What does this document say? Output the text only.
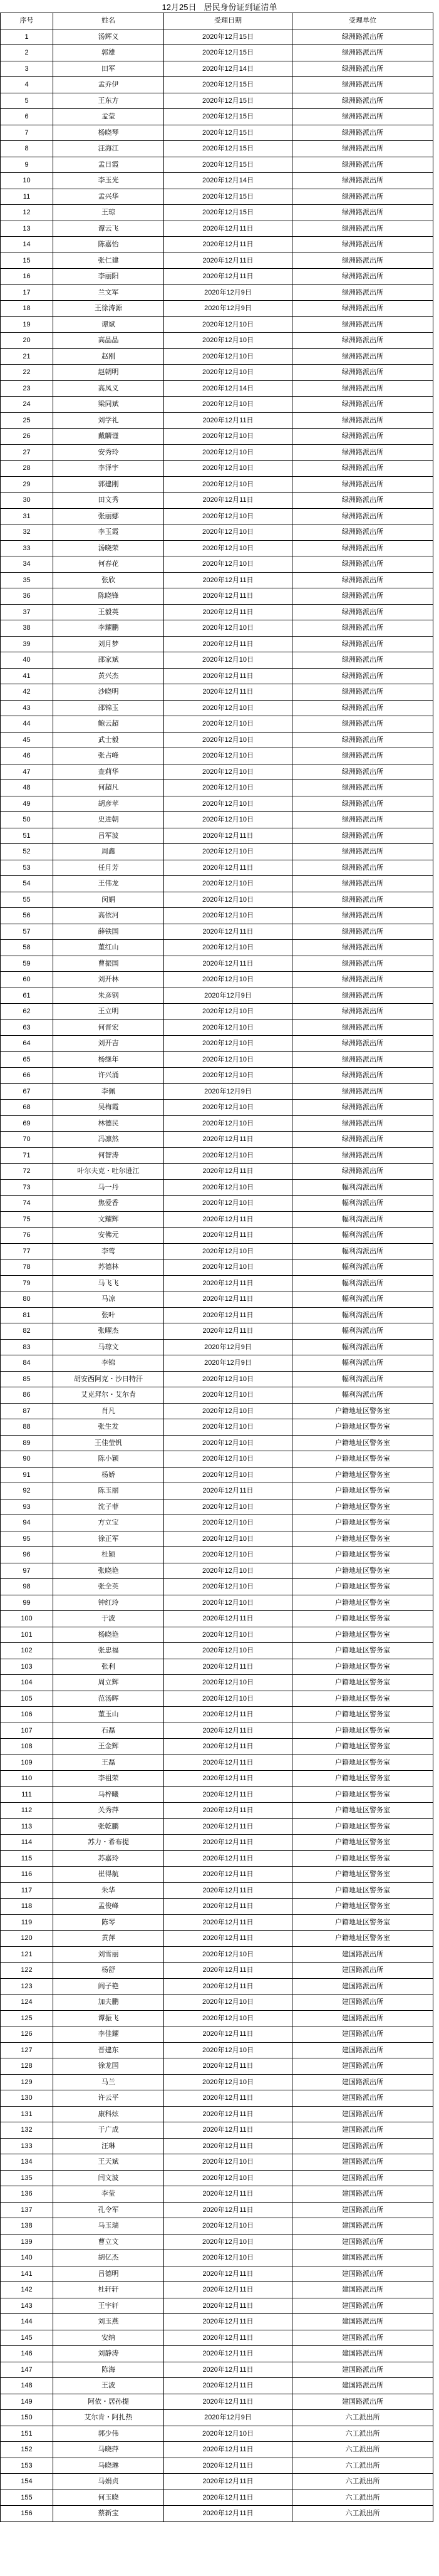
12月25日 居民身份证到证清单
序号	姓名	受理日期	受理单位
1	汤辉义	2020年12月15日	绿洲路派出所
2	郭雄	2020年12月15日	绿洲路派出所
3	田军	2020年12月14日	绿洲路派出所
4	孟乔伊	2020年12月15日	绿洲路派出所
5	王东方	2020年12月15日	绿洲路派出所
6	孟莹	2020年12月15日	绿洲路派出所
7	杨晓琴	2020年12月15日	绿洲路派出所
8	汪海江	2020年12月15日	绿洲路派出所
9	孟日霞	2020年12月15日	绿洲路派出所
10	李玉光	2020年12月14日	绿洲路派出所
11	孟兴华	2020年12月15日	绿洲路派出所
12	王琼	2020年12月15日	绿洲路派出所
13	谭云飞	2020年12月11日	绿洲路派出所
14	陈嘉怡	2020年12月11日	绿洲路派出所
15	张仁建	2020年12月11日	绿洲路派出所
16	李丽阳	2020年12月11日	绿洲路派出所
17	兰文军	2020年12月9日	绿洲路派出所
18	王徐涛源	2020年12月9日	绿洲路派出所
19	谭斌	2020年12月10日	绿洲路派出所
20	高晶晶	2020年12月10日	绿洲路派出所
21	赵刚	2020年12月10日	绿洲路派出所
22	赵朝明	2020年12月10日	绿洲路派出所
23	高凤义	2020年12月14日	绿洲路派出所
24	梁同斌	2020年12月10日	绿洲路派出所
25	刘学礼	2020年12月11日	绿洲路派出所
26	戴麟谨	2020年12月10日	绿洲路派出所
27	安秀玲	2020年12月10日	绿洲路派出所
28	李泽宇	2020年12月10日	绿洲路派出所
29	郭建刚	2020年12月10日	绿洲路派出所
30	田文秀	2020年12月11日	绿洲路派出所
31	张丽娜	2020年12月10日	绿洲路派出所
32	李玉霞	2020年12月10日	绿洲路派出所
33	汤晓荣	2020年12月10日	绿洲路派出所
34	何春花	2020年12月10日	绿洲路派出所
35	张欣	2020年12月11日	绿洲路派出所
36	陈晓锋	2020年12月11日	绿洲路派出所
37	王毅英	2020年12月11日	绿洲路派出所
38	李耀鹏	2020年12月10日	绿洲路派出所
39	刘月梦	2020年12月11日	绿洲路派出所
40	邵家斌	2020年12月10日	绿洲路派出所
41	黄兴杰	2020年12月11日	绿洲路派出所
42	沙晓明	2020年12月11日	绿洲路派出所
43	邵锦玉	2020年12月10日	绿洲路派出所
44	鲍云超	2020年12月10日	绿洲路派出所
45	武士毅	2020年12月10日	绿洲路派出所
46	张占峰	2020年12月10日	绿洲路派出所
47	查莉华	2020年12月10日	绿洲路派出所
48	何超凡	2020年12月10日	绿洲路派出所
49	胡彦苹	2020年12月10日	绿洲路派出所
50	史进朝	2020年12月10日	绿洲路派出所
51	吕军波	2020年12月11日	绿洲路派出所
52	周鑫	2020年12月10日	绿洲路派出所
53	任月芳	2020年12月11日	绿洲路派出所
54	王伟龙	2020年12月10日	绿洲路派出所
55	闵娟	2020年12月10日	绿洲路派出所
56	高依河	2020年12月10日	绿洲路派出所
57	薛铁国	2020年12月11日	绿洲路派出所
58	董红山	2020年12月10日	绿洲路派出所
59	曹振国	2020年12月11日	绿洲路派出所
60	刘开林	2020年12月10日	绿洲路派出所
61	朱彦钢	2020年12月9日	绿洲路派出所
62	王立明	2020年12月10日	绿洲路派出所
63	何晋宏	2020年12月10日	绿洲路派出所
64	刘开吉	2020年12月10日	绿洲路派出所
65	杨继年	2020年12月10日	绿洲路派出所
66	许兴涌	2020年12月10日	绿洲路派出所
67	李佩	2020年12月9日	绿洲路派出所
68	吴梅霞	2020年12月10日	绿洲路派出所
69	林德民	2020年12月10日	绿洲路派出所
70	冯凛然	2020年12月11日	绿洲路派出所
71	何智涛	2020年12月10日	绿洲路派出所
72	叶尔夫克・吐尔逊江	2020年12月11日	绿洲路派出所
73	马一丹	2020年12月10日	幅利沟派出所
74	焦爱香	2020年12月10日	幅利沟派出所
75	文耀辉	2020年12月11日	幅利沟派出所
76	安佛元	2020年12月11日	幅利沟派出所
77	李莺	2020年12月10日	幅利沟派出所
78	苏德林	2020年12月10日	幅利沟派出所
79	马飞飞	2020年12月11日	幅利沟派出所
80	马凉	2020年12月11日	幅利沟派出所
81	张叶	2020年12月11日	幅利沟派出所
82	张曜杰	2020年12月11日	幅利沟派出所
83	马琼文	2020年12月9日	幅利沟派出所
84	李锦	2020年12月9日	幅利沟派出所
85	胡安西阿克・沙日特汗	2020年12月10日	幅利沟派出所
86	艾克拜尔・艾尔肯	2020年12月10日	幅利沟派出所
87	肖凡	2020年12月10日	户籍地址区警务室
88	张生发	2020年12月10日	户籍地址区警务室
89	王佳莹钒	2020年12月10日	户籍地址区警务室
90	陈小颖	2020年12月10日	户籍地址区警务室
91	杨娇	2020年12月10日	户籍地址区警务室
92	陈玉丽	2020年12月11日	户籍地址区警务室
93	沈子菲	2020年12月10日	户籍地址区警务室
94	方立宝	2020年12月10日	户籍地址区警务室
95	徐正军	2020年12月10日	户籍地址区警务室
96	杜颖	2020年12月10日	户籍地址区警务室
97	张晓艳	2020年12月10日	户籍地址区警务室
98	张全英	2020年12月10日	户籍地址区警务室
99	钟红玲	2020年12月10日	户籍地址区警务室
100	于波	2020年12月11日	户籍地址区警务室
101	杨晓艳	2020年12月10日	户籍地址区警务室
102	张忠福	2020年12月10日	户籍地址区警务室
103	张利	2020年12月11日	户籍地址区警务室
104	周立辉	2020年12月10日	户籍地址区警务室
105	范汤晖	2020年12月10日	户籍地址区警务室
106	董玉山	2020年12月11日	户籍地址区警务室
107	石磊	2020年12月11日	户籍地址区警务室
108	王金辉	2020年12月11日	户籍地址区警务室
109	王磊	2020年12月11日	户籍地址区警务室
110	李祖荣	2020年12月11日	户籍地址区警务室
111	马梓曦	2020年12月11日	户籍地址区警务室
112	关秀萍	2020年12月11日	户籍地址区警务室
113	张乾鹏	2020年12月11日	户籍地址区警务室
114	苏力・希布提	2020年12月11日	户籍地址区警务室
115	苏嘉玲	2020年12月11日	户籍地址区警务室
116	崔得航	2020年12月11日	户籍地址区警务室
117	朱华	2020年12月11日	户籍地址区警务室
118	孟俊峰	2020年12月11日	户籍地址区警务室
119	陈琴	2020年12月11日	户籍地址区警务室
120	黄萍	2020年12月11日	户籍地址区警务室
121	刘雪丽	2020年12月10日	建国路派出所
122	杨舒	2020年12月11日	建国路派出所
123	阎子艳	2020年12月11日	建国路派出所
124	加夫鹏	2020年12月10日	建国路派出所
125	谭振飞	2020年12月10日	建国路派出所
126	李佳耀	2020年12月11日	建国路派出所
127	晋建东	2020年12月10日	建国路派出所
128	徐龙国	2020年12月11日	建国路派出所
129	马兰	2020年12月10日	建国路派出所
130	许云平	2020年12月11日	建国路派出所
131	康科炫	2020年12月11日	建国路派出所
132	于广成	2020年12月11日	建国路派出所
133	汪琳	2020年12月11日	建国路派出所
134	王天斌	2020年12月10日	建国路派出所
135	闫文波	2020年12月10日	建国路派出所
136	李莹	2020年12月11日	建国路派出所
137	孔令军	2020年12月11日	建国路派出所
138	马玉瑞	2020年12月10日	建国路派出所
139	曹立文	2020年12月10日	建国路派出所
140	胡亿杰	2020年12月10日	建国路派出所
141	吕德明	2020年12月11日	建国路派出所
142	杜轩轩	2020年12月11日	建国路派出所
143	王宇轩	2020年12月11日	建国路派出所
144	刘玉燕	2020年12月11日	建国路派出所
145	安纳	2020年12月11日	建国路派出所
146	刘静涛	2020年12月11日	建国路派出所
147	陈海	2020年12月11日	建国路派出所
148	王波	2020年12月11日	建国路派出所
149	阿依・居孙提	2020年12月11日	建国路派出所
150	艾尔肯・阿扎热	2020年12月9日	六工派出所
151	郭少伟	2020年12月10日	六工派出所
152	马晓萍	2020年12月11日	六工派出所
153	马晓琳	2020年12月11日	六工派出所
154	马娟贞	2020年12月11日	六工派出所
155	何玉晓	2020年12月11日	六工派出所
156	蔡新宝	2020年12月11日	六工派出所
